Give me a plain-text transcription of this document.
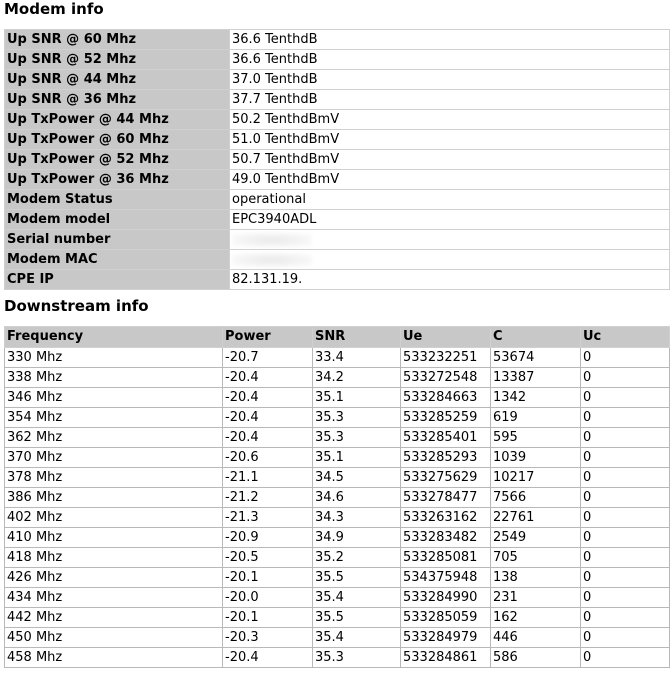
Modem info
Up SNR @ 60 Mhz	36.6 TenthdB
Up SNR @ 52 Mhz	36.6 TenthdB
Up SNR @ 44 Mhz	37.0 TenthdB
Up SNR @ 36 Mhz	37.7 TenthdB
Up TxPower @ 44 Mhz	50.2 TenthdBmV
Up TxPower @ 60 Mhz	51.0 TenthdBmV
Up TxPower @ 52 Mhz	50.7 TenthdBmV
Up TxPower @ 36 Mhz	49.0 TenthdBmV
Modem Status	operational
Modem model	EPC3940ADL
Serial number	
Modem MAC	
CPE IP	82.131.19.
Downstream info
Frequency	Power	SNR	Ue	C	Uc
330 Mhz	-20.7	33.4	533232251	53674	0
338 Mhz	-20.4	34.2	533272548	13387	0
346 Mhz	-20.4	35.1	533284663	1342	0
354 Mhz	-20.4	35.3	533285259	619	0
362 Mhz	-20.4	35.3	533285401	595	0
370 Mhz	-20.6	35.1	533285293	1039	0
378 Mhz	-21.1	34.5	533275629	10217	0
386 Mhz	-21.2	34.6	533278477	7566	0
402 Mhz	-21.3	34.3	533263162	22761	0
410 Mhz	-20.9	34.9	533283482	2549	0
418 Mhz	-20.5	35.2	533285081	705	0
426 Mhz	-20.1	35.5	534375948	138	0
434 Mhz	-20.0	35.4	533284990	231	0
442 Mhz	-20.1	35.5	533285059	162	0
450 Mhz	-20.3	35.4	533284979	446	0
458 Mhz	-20.4	35.3	533284861	586	0
